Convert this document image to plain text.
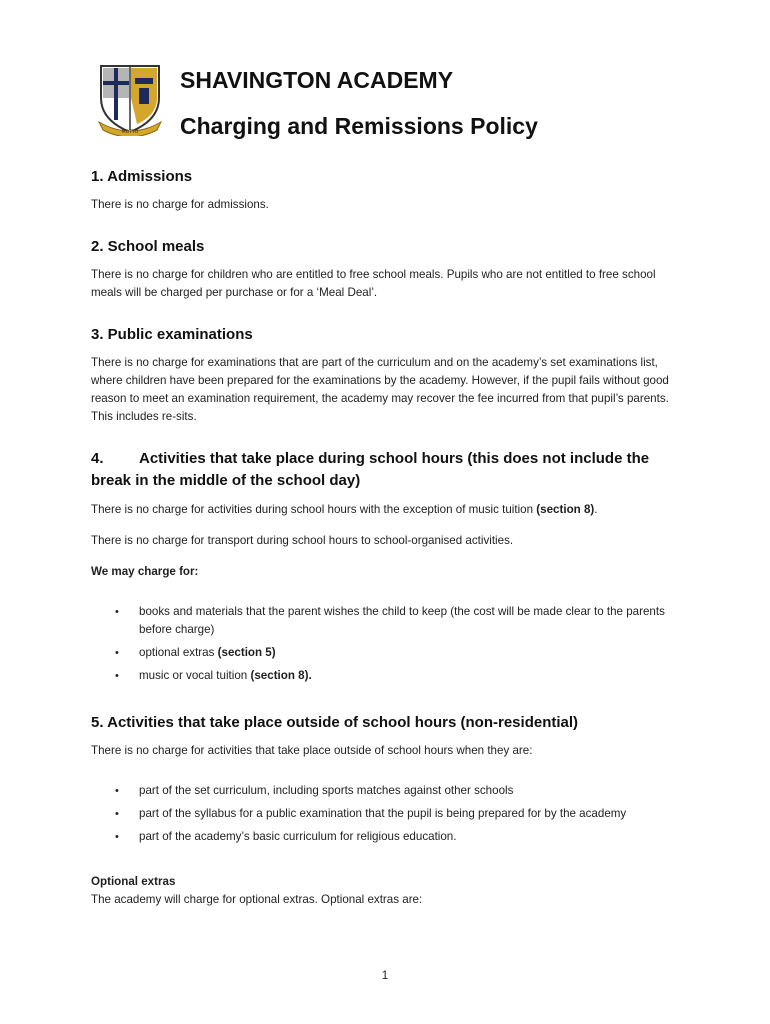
MOTTO
SHAVINGTON ACADEMY
Charging and Remissions Policy
1. Admissions

There is no charge for admissions.

2. School meals

There is no charge for children who are entitled to free school meals. Pupils who are not entitled to free school meals will be charged per purchase or for a ‘Meal Deal’.

3. Public examinations

There is no charge for examinations that are part of the curriculum and on the academy’s set examinations list, where children have been prepared for the examinations by the academy. However, if the pupil fails without good reason to meet an examination requirement, the academy may recover the fee incurred from that pupil’s parents. This includes re-sits.

4. Activities that take place during school hours (this does not include the break in the middle of the school day)

There is no charge for activities during school hours with the exception of music tuition (section 8).

There is no charge for transport during school hours to school-organised activities.

We may charge for:

• books and materials that the parent wishes the child to keep (the cost will be made clear to the parents before charge)
• optional extras (section 5)
• music or vocal tuition (section 8).
5. Activities that take place outside of school hours (non-residential)

There is no charge for activities that take place outside of school hours when they are:

• part of the set curriculum, including sports matches against other schools
• part of the syllabus for a public examination that the pupil is being prepared for by the academy
• part of the academy’s basic curriculum for religious education.

Optional extras

The academy will charge for optional extras. Optional extras are:

1
